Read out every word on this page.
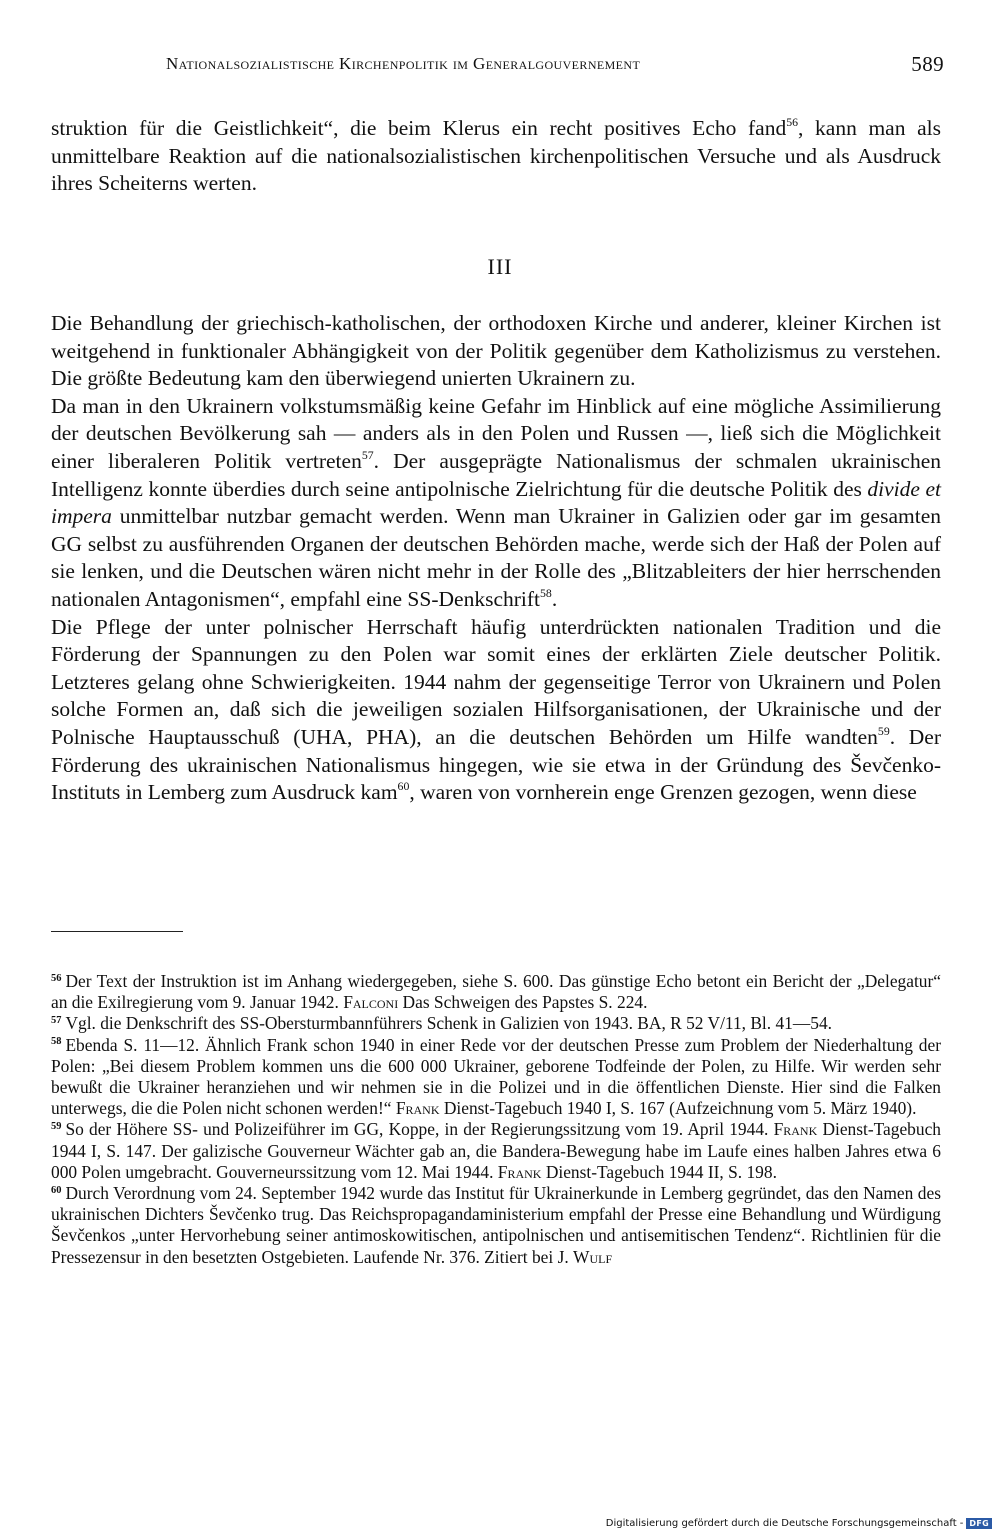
Nationalsozialistische Kirchenpolitik im Generalgouvernement	589

struktion für die Geistlichkeit“, die beim Klerus ein recht positives Echo fand$^{56}$, kann man als unmittelbare Reaktion auf die nationalsozialistischen kirchenpolitischen Versuche und als Ausdruck ihres Scheiterns werten.

III

Die Behandlung der griechisch-katholischen, der orthodoxen Kirche und anderer, kleiner Kirchen ist weitgehend in funktionaler Abhängigkeit von der Politik gegenüber dem Katholizismus zu verstehen. Die größte Bedeutung kam den überwiegend unierten Ukrainern zu.

Da man in den Ukrainern volkstumsmäßig keine Gefahr im Hinblick auf eine mögliche Assimilierung der deutschen Bevölkerung sah — anders als in den Polen und Russen —, ließ sich die Möglichkeit einer liberaleren Politik vertreten$^{57}$. Der ausgeprägte Nationalismus der schmalen ukrainischen Intelligenz konnte überdies durch seine antipolnische Zielrichtung für die deutsche Politik des divide et impera unmittelbar nutzbar gemacht werden. Wenn man Ukrainer in Galizien oder gar im gesamten GG selbst zu ausführenden Organen der deutschen Behörden mache, werde sich der Haß der Polen auf sie lenken, und die Deutschen wären nicht mehr in der Rolle des „Blitzableiters der hier herrschenden nationalen Antagonismen“, empfahl eine SS-Denkschrift$^{58}$.

Die Pflege der unter polnischer Herrschaft häufig unterdrückten nationalen Tradition und die Förderung der Spannungen zu den Polen war somit eines der erklärten Ziele deutscher Politik. Letzteres gelang ohne Schwierigkeiten. 1944 nahm der gegenseitige Terror von Ukrainern und Polen solche Formen an, daß sich die jeweiligen sozialen Hilfsorganisationen, der Ukrainische und der Polnische Hauptausschuß (UHA, PHA), an die deutschen Behörden um Hilfe wandten$^{59}$. Der Förderung des ukrainischen Nationalismus hingegen, wie sie etwa in der Gründung des Ševčenko-Instituts in Lemberg zum Ausdruck kam$^{60}$, waren von vornherein enge Grenzen gezogen, wenn diese

$^{56}$ Der Text der Instruktion ist im Anhang wiedergegeben, siehe S. 600. Das günstige Echo betont ein Bericht der „Delegatur“ an die Exilregierung vom 9. Januar 1942. Falconi Das Schweigen des Papstes S. 224.

$^{57}$ Vgl. die Denkschrift des SS-Obersturmbannführers Schenk in Galizien von 1943. BA, R 52 V/11, Bl. 41—54.

$^{58}$ Ebenda S. 11—12. Ähnlich Frank schon 1940 in einer Rede vor der deutschen Presse zum Problem der Niederhaltung der Polen: „Bei diesem Problem kommen uns die 600 000 Ukrainer, geborene Todfeinde der Polen, zu Hilfe. Wir werden sehr bewußt die Ukrainer heranziehen und wir nehmen sie in die Polizei und in die öffentlichen Dienste. Hier sind die Falken unterwegs, die die Polen nicht schonen werden!“ Frank Dienst-Tagebuch 1940 I, S. 167 (Aufzeichnung vom 5. März 1940).

$^{59}$ So der Höhere SS- und Polizeiführer im GG, Koppe, in der Regierungssitzung vom 19. April 1944. Frank Dienst-Tagebuch 1944 I, S. 147. Der galizische Gouverneur Wächter gab an, die Bandera-Bewegung habe im Laufe eines halben Jahres etwa 6 000 Polen umgebracht. Gouverneurssitzung vom 12. Mai 1944. Frank Dienst-Tagebuch 1944 II, S. 198.

$^{60}$ Durch Verordnung vom 24. September 1942 wurde das Institut für Ukrainerkunde in Lemberg gegründet, das den Namen des ukrainischen Dichters Ševčenko trug. Das Reichspropagandaministerium empfahl der Presse eine Behandlung und Würdigung Ševčenkos „unter Hervorhebung seiner antimoskowitischen, antipolnischen und antisemitischen Tendenz“. Richtlinien für die Pressezensur in den besetzten Ostgebieten. Laufende Nr. 376. Zitiert bei J. Wulf

Digitalisierung gefördert durch die Deutsche Forschungsgemeinschaft - DFG
